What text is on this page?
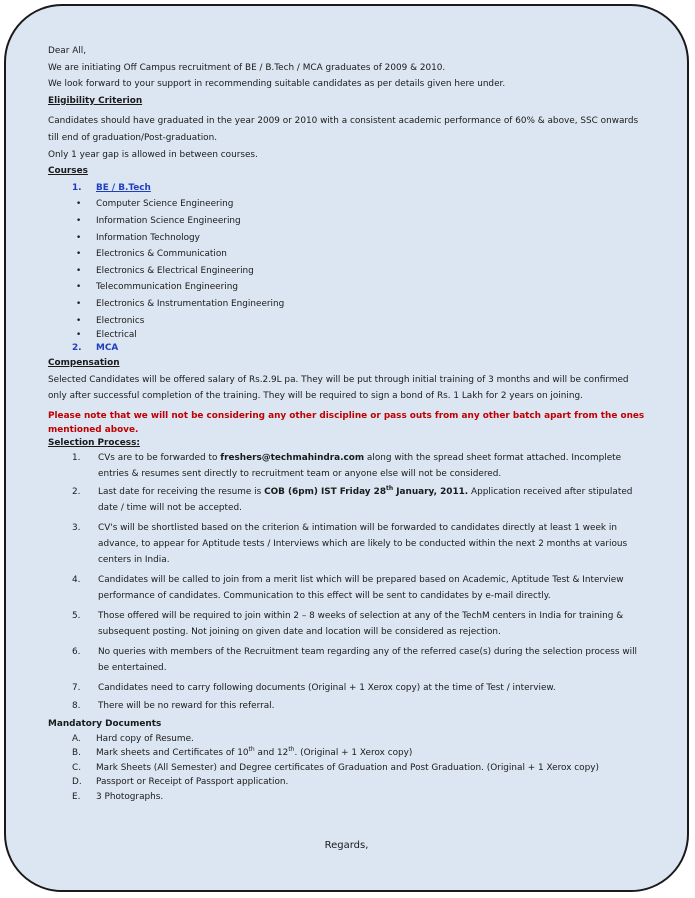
Dear All,

We are initiating Off Campus recruitment of BE / B.Tech / MCA graduates of 2009 & 2010.

We look forward to your support in recommending suitable candidates as per details given here under.

Eligibility Criterion

Candidates should have graduated in the year 2009 or 2010 with a consistent academic performance of 60% & above, SSC onwards till end of graduation/Post-graduation.

Only 1 year gap is allowed in between courses.

Courses

1.	BE / B.Tech
•	Computer Science Engineering
•	Information Science Engineering
•	Information Technology
•	Electronics & Communication
•	Electronics & Electrical Engineering
•	Telecommunication Engineering
•	Electronics & Instrumentation Engineering
•	Electronics
•	Electrical
2.	MCA

Compensation

Selected Candidates will be offered salary of Rs.2.9L pa. They will be put through initial training of 3 months and will be confirmed only after successful completion of the training. They will be required to sign a bond of Rs. 1 Lakh for 2 years on joining.

Please note that we will not be considering any other discipline or pass outs from any other batch apart from the ones mentioned above.

Selection Process:

1.	CVs are to be forwarded to freshers@techmahindra.com along with the spread sheet format attached. Incomplete entries & resumes sent directly to recruitment team or anyone else will not be considered.
2.	Last date for receiving the resume is COB (6pm) IST Friday 28th January, 2011. Application received after stipulated date / time will not be accepted.
3.	CV's will be shortlisted based on the criterion & intimation will be forwarded to candidates directly at least 1 week in advance, to appear for Aptitude tests / Interviews which are likely to be conducted within the next 2 months at various centers in India.
4.	Candidates will be called to join from a merit list which will be prepared based on Academic, Aptitude Test & Interview performance of candidates. Communication to this effect will be sent to candidates by e-mail directly.
5.	Those offered will be required to join within 2 – 8 weeks of selection at any of the TechM centers in India for training & subsequent posting. Not joining on given date and location will be considered as rejection.
6.	No queries with members of the Recruitment team regarding any of the referred case(s) during the selection process will be entertained.
7.	Candidates need to carry following documents (Original + 1 Xerox copy) at the time of Test / interview.
8.	There will be no reward for this referral.

Mandatory Documents

A.	Hard copy of Resume.
B.	Mark sheets and Certificates of 10th and 12th. (Original + 1 Xerox copy)
C.	Mark Sheets (All Semester) and Degree certificates of Graduation and Post Graduation. (Original + 1 Xerox copy)
D.	Passport or Receipt of Passport application.
E.	3 Photographs.
Regards,
